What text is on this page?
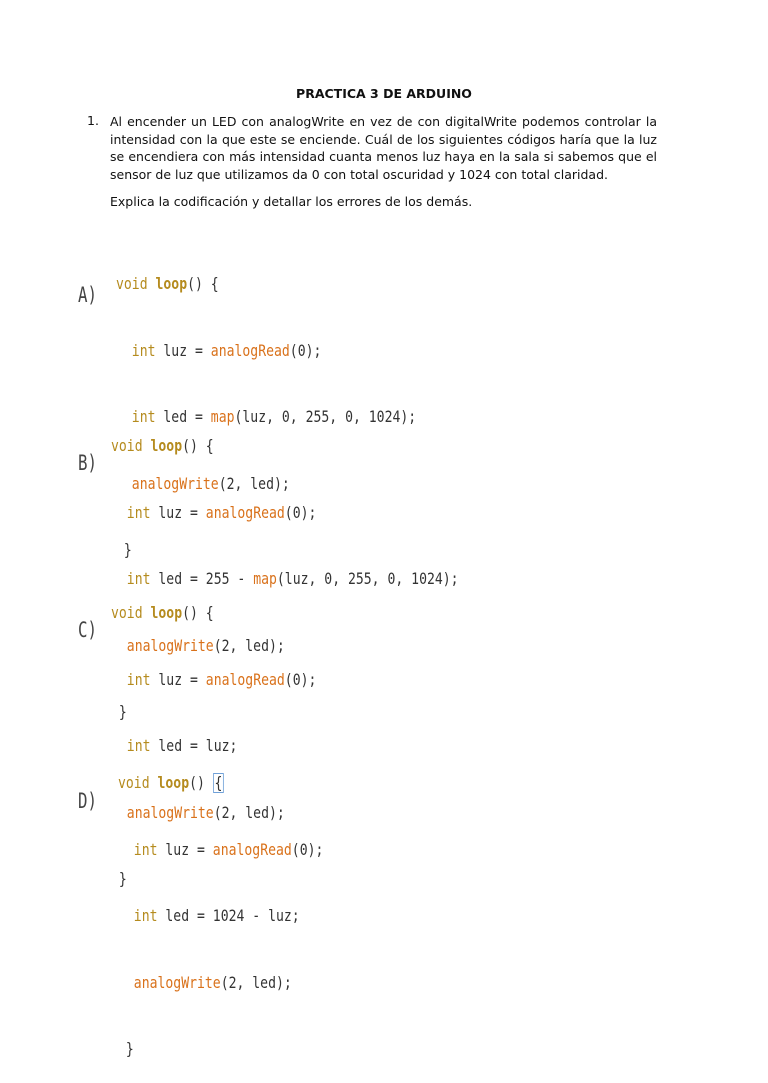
PRACTICA 3 DE ARDUINO
1. Al encender un LED con analogWrite en vez de con digitalWrite podemos controlar la intensidad con la que este se enciende. Cuál de los siguientes códigos haría que la luz se encendiera con más intensidad cuanta menos luz haya en la sala si sabemos que el sensor de luz que utilizamos da 0 con total oscuridad y 1024 con total claridad.
Explica la codificación y detallar los errores de los demás.
A)

void loop() {

int luz = analogRead(0);

int led = map(luz, 0, 255, 0, 1024);

analogWrite(2, led);

}

B)

void loop() {

int luz = analogRead(0);

int led = 255 - map(luz, 0, 255, 0, 1024);

analogWrite(2, led);

}

C)

void loop() {

int luz = analogRead(0);

int led = luz;

analogWrite(2, led);

}

D)

void loop() {

int luz = analogRead(0);

int led = 1024 - luz;

analogWrite(2, led);

}
